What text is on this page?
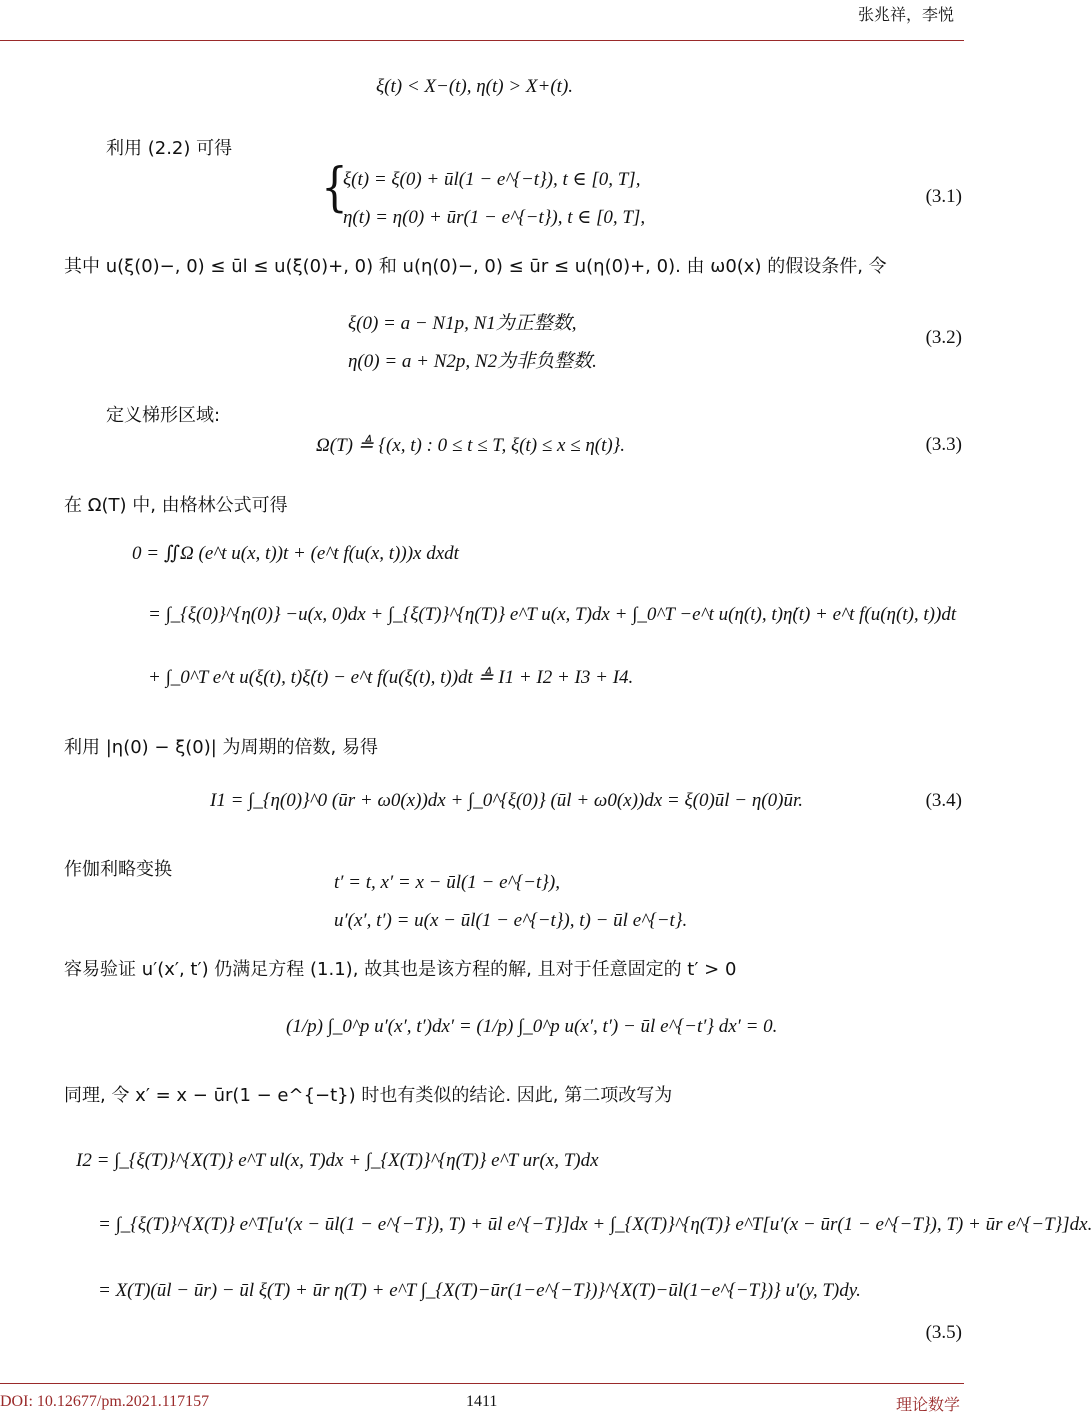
张兆祥，李悦
ξ(t) < X−(t), η(t) > X+(t).
利用 (2.2) 可得
{
ξ(t) = ξ(0) + ūl(1 − e^{−t}), t ∈ [0, T],
η(t) = η(0) + ūr(1 − e^{−t}), t ∈ [0, T],
(3.1)
其中 u(ξ(0)−, 0) ≤ ūl ≤ u(ξ(0)+, 0) 和 u(η(0)−, 0) ≤ ūr ≤ u(η(0)+, 0). 由 ω0(x) 的假设条件, 令
ξ(0) = a − N1p, N1为正整数,
η(0) = a + N2p, N2为非负整数.
(3.2)
定义梯形区域:
Ω(T) ≜ {(x, t) : 0 ≤ t ≤ T, ξ(t) ≤ x ≤ η(t)}.	(3.3)
在 Ω(T) 中, 由格林公式可得
0 = ∬Ω (e^t u(x, t))t + (e^t f(u(x, t)))x dxdt
= ∫_{ξ(0)}^{η(0)} −u(x, 0)dx + ∫_{ξ(T)}^{η(T)} e^T u(x, T)dx + ∫_0^T −e^t u(η(t), t)η̇(t) + e^t f(u(η(t), t))dt
+ ∫_0^T e^t u(ξ(t), t)ξ̇(t) − e^t f(u(ξ(t), t))dt ≜ I1 + I2 + I3 + I4.
利用 |η(0) − ξ(0)| 为周期的倍数, 易得
I1 = ∫_{η(0)}^0 (ūr + ω0(x))dx + ∫_0^{ξ(0)} (ūl + ω0(x))dx = ξ(0)ūl − η(0)ūr.	(3.4)
作伽利略变换
t′ = t, x′ = x − ūl(1 − e^{−t}),
u′(x′, t′) = u(x − ūl(1 − e^{−t}), t) − ūl e^{−t}.
容易验证 u′(x′, t′) 仍满足方程 (1.1), 故其也是该方程的解, 且对于任意固定的 t′ > 0
(1/p) ∫_0^p u′(x′, t′)dx′ = (1/p) ∫_0^p u(x′, t′) − ūl e^{−t′} dx′ = 0.
同理, 令 x′ = x − ūr(1 − e^{−t}) 时也有类似的结论. 因此, 第二项改写为
I2 = ∫_{ξ(T)}^{X(T)} e^T ul(x, T)dx + ∫_{X(T)}^{η(T)} e^T ur(x, T)dx
= ∫_{ξ(T)}^{X(T)} e^T[u′(x − ūl(1 − e^{−T}), T) + ūl e^{−T}]dx + ∫_{X(T)}^{η(T)} e^T[u′(x − ūr(1 − e^{−T}), T) + ūr e^{−T}]dx.
= X(T)(ūl − ūr) − ūl ξ(T) + ūr η(T) + e^T ∫_{X(T)−ūr(1−e^{−T})}^{X(T)−ūl(1−e^{−T})} u′(y, T)dy.
(3.5)
DOI: 10.12677/pm.2021.117157	1411	理论数学
